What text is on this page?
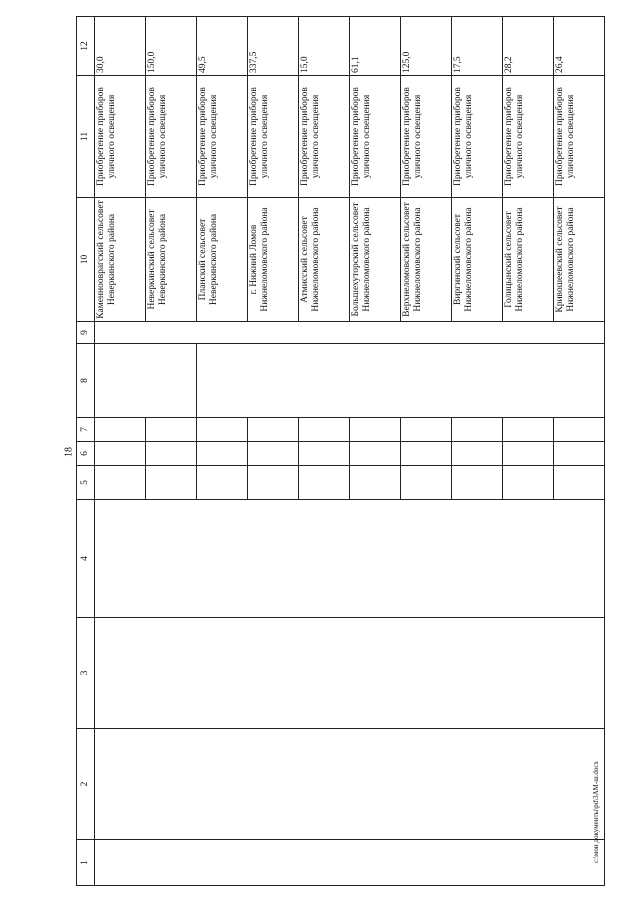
18
1	2	3	4	5	6	7	8	9	10	11	12
									Каменнооврагский сельсовет Неверкинского района	Приобретение приборов уличного освещения	30,0
									Неверкинский сельсовет Неверкинского района	Приобретение приборов уличного освещения	150,0
									Планский сельсовет Неверкинского района	Приобретение приборов уличного освещения	49,5
									г. Нижний Ломов Нижнеломовского района	Приобретение приборов уличного освещения	337,5
									Атмисский сельсовет Нижнеломовского района	Приобретение приборов уличного освещения	15,0
									Большехуторский сельсовет Нижнеломовского района	Приобретение приборов уличного освещения	61,1
									Верхнеломовский сельсовет Нижнеломовского района	Приобретение приборов уличного освещения	125,0
									Виргинский сельсовет Нижнеломовского района	Приобретение приборов уличного освещения	17,5
									Голицынский сельсовет Нижнеломовского района	Приобретение приборов уличного освещения	28,2
									Кривошеевский сельсовет Нижнеломовского района	Приобретение приборов уличного освещения	26,4
c:\мои документы\рd\3АМ-ш.docx
